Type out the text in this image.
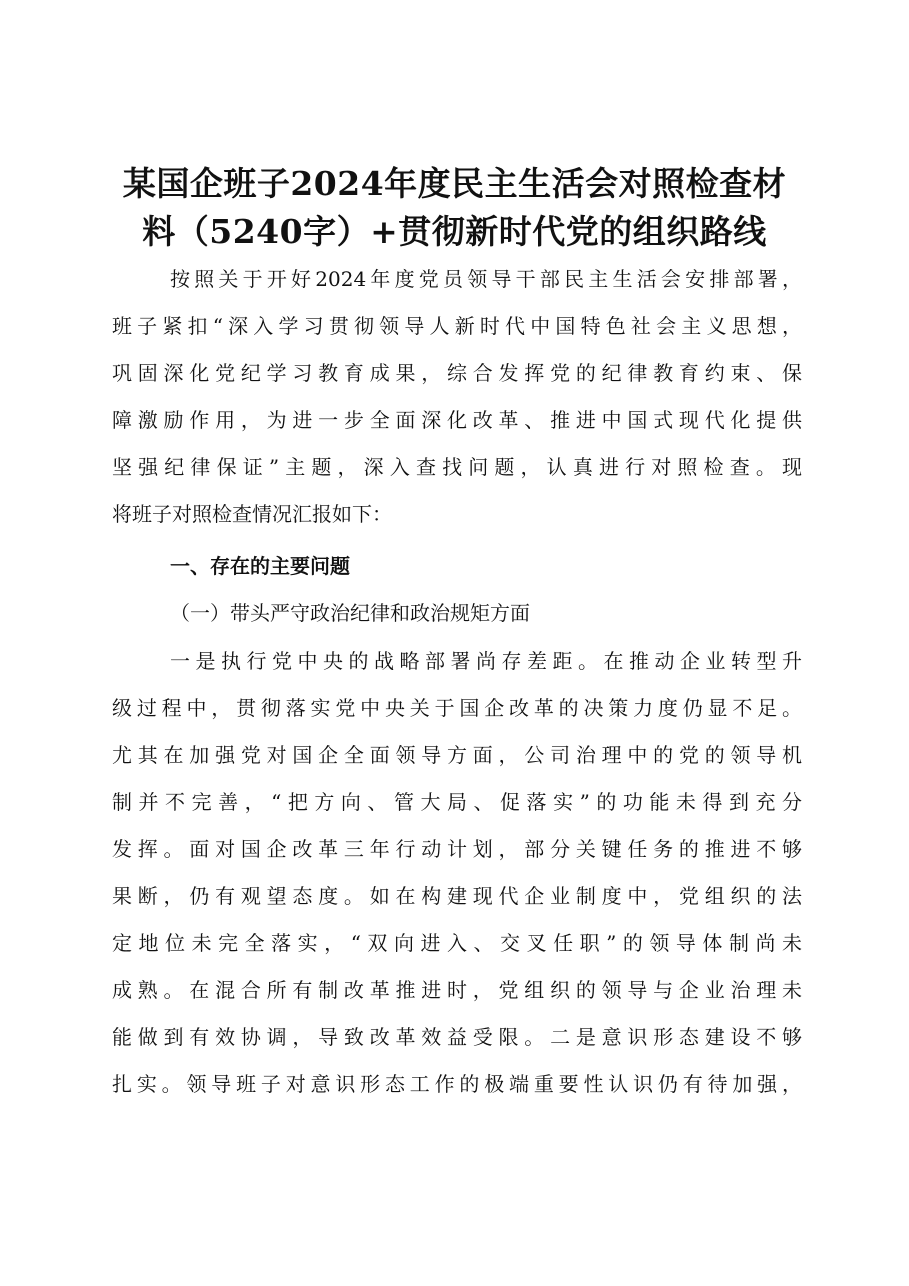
某国企班子2024年度民主生活会对照检查材
料（5240字）+贯彻新时代党的组织路线
按照关于开好2024年度党员领导干部民主生活会安排部署，
班子紧扣“深入学习贯彻领导人新时代中国特色社会主义思想，
巩固深化党纪学习教育成果，综合发挥党的纪律教育约束、保
障激励作用，为进一步全面深化改革、推进中国式现代化提供
坚强纪律保证”主题，深入查找问题，认真进行对照检查。现
将班子对照检查情况汇报如下：
一、存在的主要问题
（一）带头严守政治纪律和政治规矩方面
一是执行党中央的战略部署尚存差距。在推动企业转型升
级过程中，贯彻落实党中央关于国企改革的决策力度仍显不足。
尤其在加强党对国企全面领导方面，公司治理中的党的领导机
制并不完善，“把方向、管大局、促落实”的功能未得到充分
发挥。面对国企改革三年行动计划，部分关键任务的推进不够
果断，仍有观望态度。如在构建现代企业制度中，党组织的法
定地位未完全落实，“双向进入、交叉任职”的领导体制尚未
成熟。在混合所有制改革推进时，党组织的领导与企业治理未
能做到有效协调，导致改革效益受限。二是意识形态建设不够
扎实。领导班子对意识形态工作的极端重要性认识仍有待加强，
